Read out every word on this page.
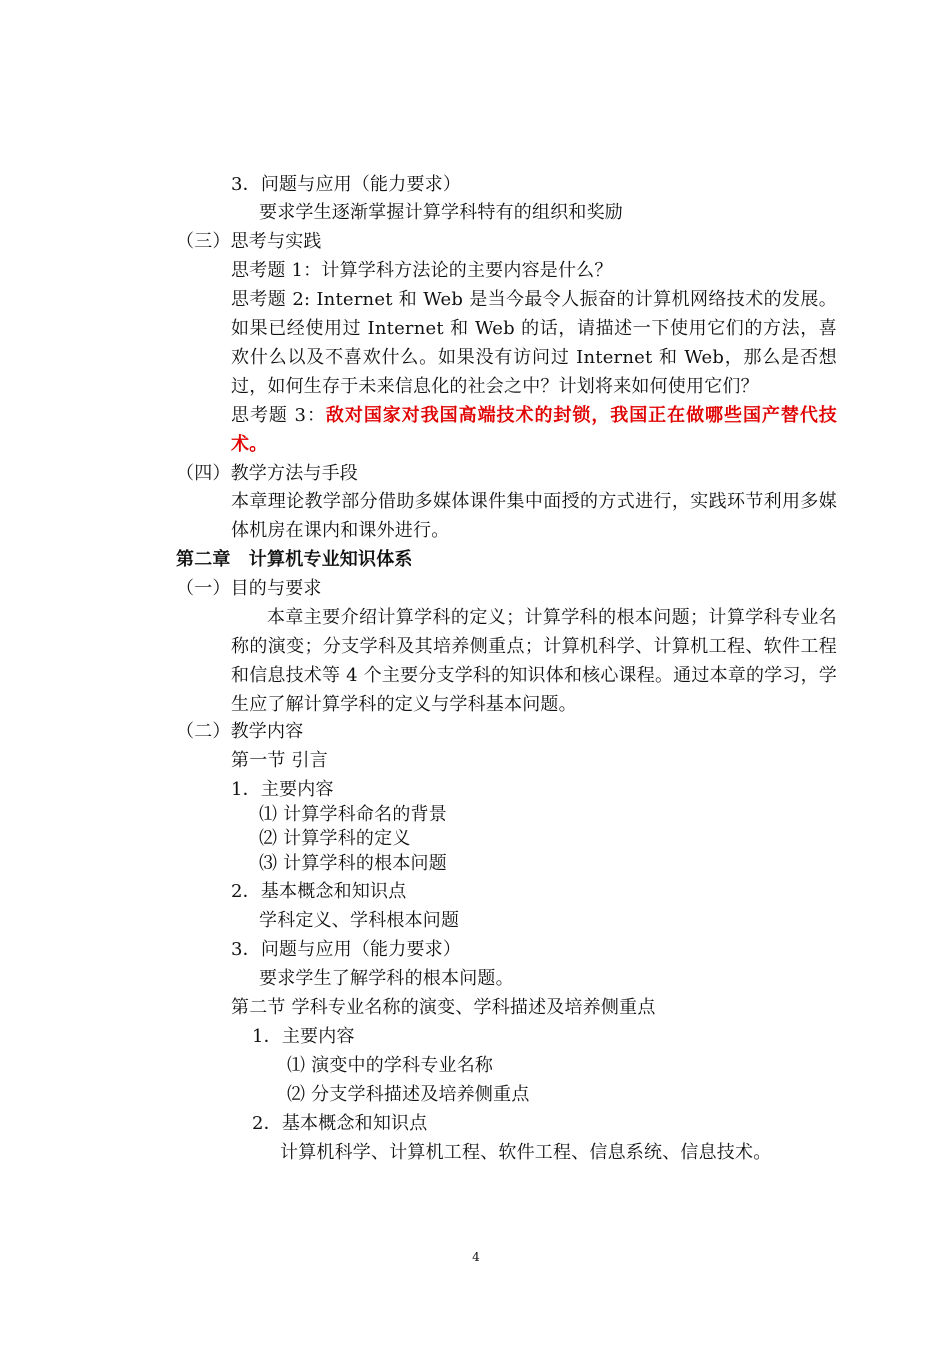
3．问题与应用（能力要求）

要求学生逐渐掌握计算学科特有的组织和奖励

（三）思考与实践

思考题 1：计算学科方法论的主要内容是什么？

思考题 2: Internet 和 Web 是当今最令人振奋的计算机网络技术的发展。如果已经使用过 Internet 和 Web 的话，请描述一下使用它们的方法，喜欢什么以及不喜欢什么。如果没有访问过 Internet 和 Web，那么是否想过，如何生存于未来信息化的社会之中？计划将来如何使用它们？

思考题 3：敌对国家对我国高端技术的封锁，我国正在做哪些国产替代技术。

（四）教学方法与手段

本章理论教学部分借助多媒体课件集中面授的方式进行，实践环节利用多媒体机房在课内和课外进行。

第二章　计算机专业知识体系

（一）目的与要求

本章主要介绍计算学科的定义；计算学科的根本问题；计算学科专业名称的演变；分支学科及其培养侧重点；计算机科学、计算机工程、软件工程和信息技术等 4 个主要分支学科的知识体和核心课程。通过本章的学习，学生应了解计算学科的定义与学科基本问题。

（二）教学内容

第一节 引言

1．主要内容

⑴ 计算学科命名的背景

⑵ 计算学科的定义

⑶ 计算学科的根本问题

2．基本概念和知识点

学科定义、学科根本问题

3．问题与应用（能力要求）

要求学生了解学科的根本问题。

第二节 学科专业名称的演变、学科描述及培养侧重点

1．主要内容

⑴ 演变中的学科专业名称

⑵ 分支学科描述及培养侧重点

2．基本概念和知识点

计算机科学、计算机工程、软件工程、信息系统、信息技术。

4
